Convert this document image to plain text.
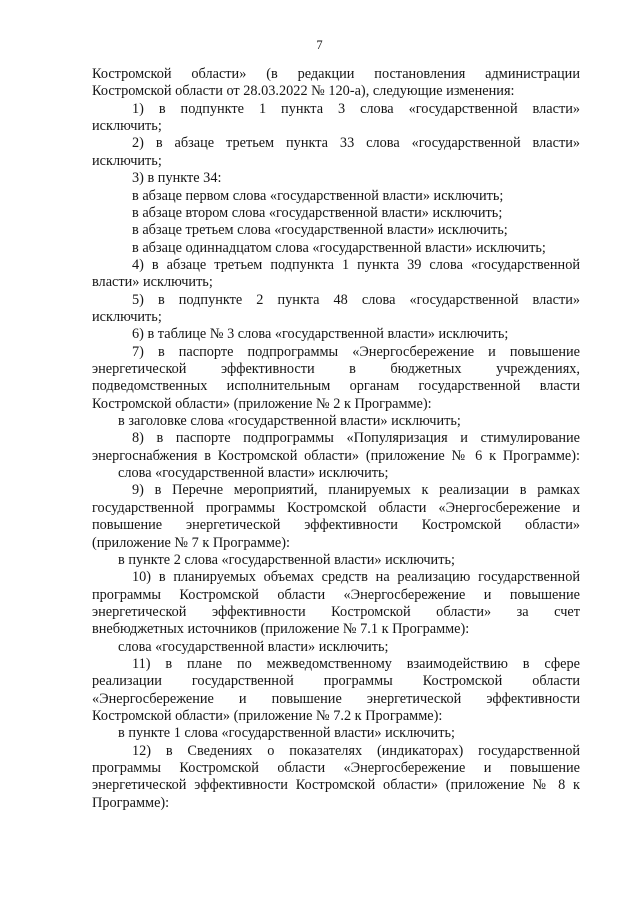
7
Костромской области» (в редакции постановления администрации
Костромской области от 28.03.2022 № 120-а), следующие изменения:
1) в подпункте 1 пункта 3 слова «государственной власти»
исключить;
2) в абзаце третьем пункта 33 слова «государственной власти»
исключить;
3) в пункте 34:
в абзаце первом слова «государственной власти» исключить;
в абзаце втором слова «государственной власти» исключить;
в абзаце третьем слова «государственной власти» исключить;
в абзаце одиннадцатом слова «государственной власти» исключить;
4) в абзаце третьем подпункта 1 пункта 39 слова «государственной
власти» исключить;
5) в подпункте 2 пункта 48 слова «государственной власти»
исключить;
6) в таблице № 3 слова «государственной власти» исключить;
7) в паспорте подпрограммы «Энергосбережение и повышение
энергетической эффективности в бюджетных учреждениях,
подведомственных исполнительным органам государственной власти
Костромской области» (приложение № 2 к Программе):
в заголовке слова «государственной власти» исключить;
8) в паспорте подпрограммы «Популяризация и стимулирование
энергоснабжения в Костромской области» (приложение № 6 к Программе):
слова «государственной власти» исключить;
9) в Перечне мероприятий, планируемых к реализации в рамках
государственной программы Костромской области «Энергосбережение и
повышение энергетической эффективности Костромской области»
(приложение № 7 к Программе):
в пункте 2 слова «государственной власти» исключить;
10) в планируемых объемах средств на реализацию государственной
программы Костромской области «Энергосбережение и повышение
энергетической эффективности Костромской области» за счет
внебюджетных источников (приложение № 7.1 к Программе):
слова «государственной власти» исключить;
11) в плане по межведомственному взаимодействию в сфере
реализации государственной программы Костромской области
«Энергосбережение и повышение энергетической эффективности
Костромской области» (приложение № 7.2 к Программе):
в пункте 1 слова «государственной власти» исключить;
12) в Сведениях о показателях (индикаторах) государственной
программы Костромской области «Энергосбережение и повышение
энергетической эффективности Костромской области» (приложение № 8 к
Программе):
